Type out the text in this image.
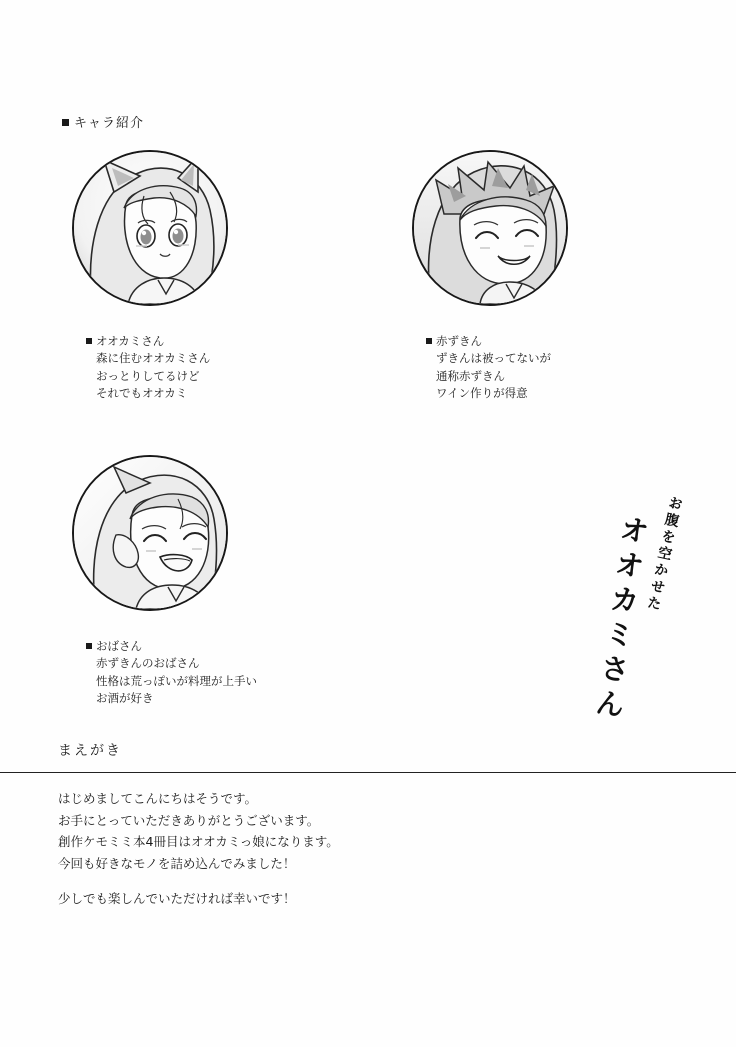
キャラ紹介
オオカミさん
森に住むオオカミさん
おっとりしてるけど
それでもオオカミ
赤ずきん
ずきんは被ってないが
通称赤ずきん
ワイン作りが得意
おばさん
赤ずきんのおばさん
性格は荒っぽいが料理が上手い
お酒が好き
お腹を空かせた
オオカミさん
まえがき
はじめましてこんにちはそうです。
お手にとっていただきありがとうございます。
創作ケモミミ本4冊目はオオカミっ娘になります。
今回も好きなモノを詰め込んでみました！
少しでも楽しんでいただければ幸いです！
